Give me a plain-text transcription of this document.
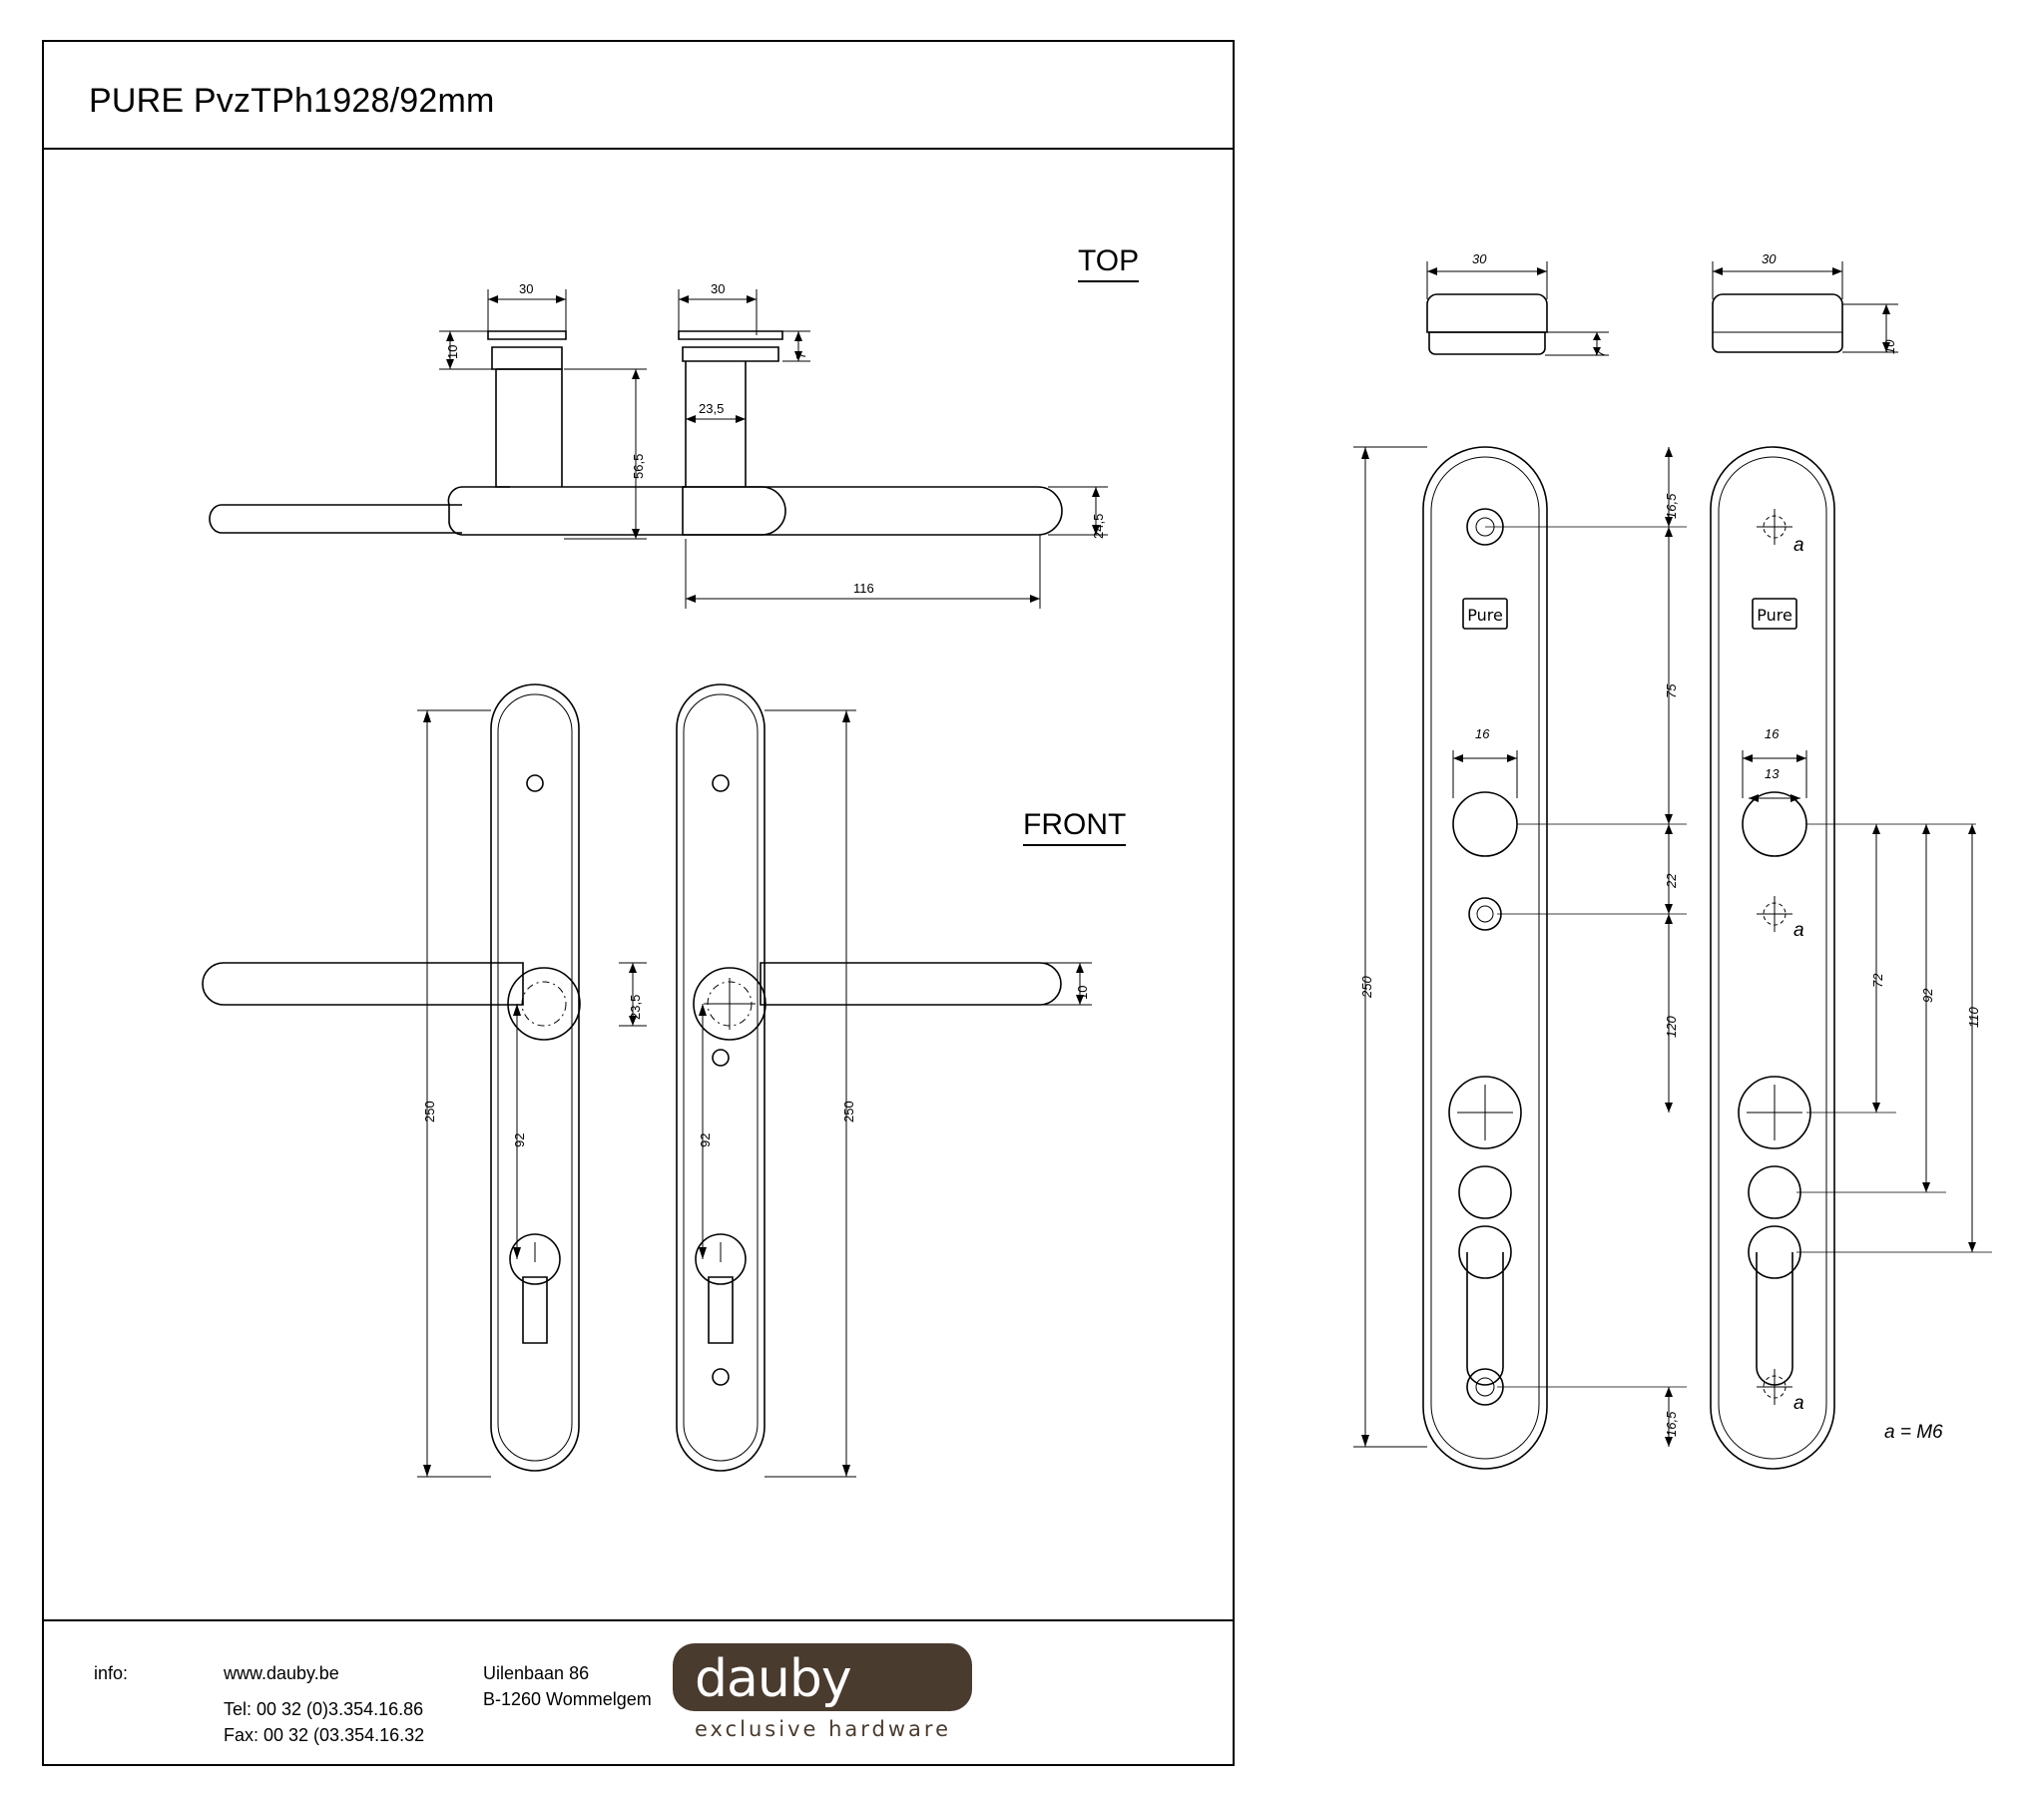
PURE PvzTPh1928/92mm
info:	www.dauby.be
Tel: 00 32 (0)3.354.16.86
Fax: 00 32 (03.354.16.32
Uilenbaan 86
B-1260 Wommelgem dauby
exclusive hardware
TOP
FRONT
a = M6
Pure	Pure
30
10
30
7
23,5
56,5
24,5
116
250
92	92
23,5
250
10
30
7
30
10
250
16,5
75
22
120
16,5
16	16
13
72
92
110
a
a
a
